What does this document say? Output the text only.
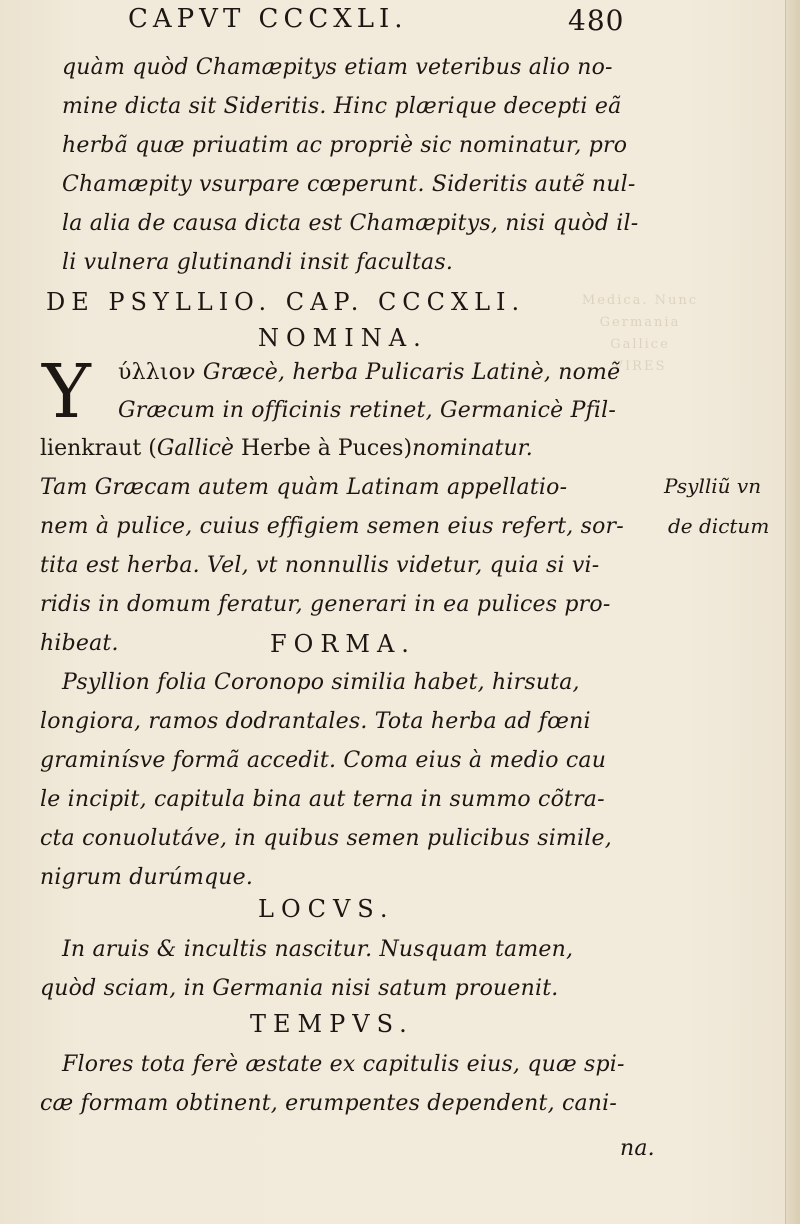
Medica. Nunc
Germania
Gallice
VIRES
CAPVT CCCXLI.	480
quàm quòd Chamæpitys etiam veteribus alio no-
mine dicta sit Sideritis. Hinc plærique decepti eã
herbã quæ priuatim ac propriè sic nominatur, pro
Chamæpity vsurpare cœperunt. Sideritis autẽ nul-
la alia de causa dicta est Chamæpitys, nisi quòd il-
li vulnera glutinandi insit facultas.
DE PSYLLIO. CAP. CCCXLI.
NOMINA.
Y ύλλιον Græcè, herba Pulicaris Latinè, nomẽ
Græcum in officinis retinet, Germanicè Pfil-
lienkraut (Gallicè Herbe à Puces)nominatur.
Tam Græcam autem quàm Latinam appellatio-
nem à pulice, cuius effigiem semen eius refert, sor-
tita est herba. Vel, vt nonnullis videtur, quia si vi-
ridis in domum feratur, generari in ea pulices pro-
hibeat.	FORMA.
Psyllion folia Coronopo similia habet, hirsuta,
longiora, ramos dodrantales. Tota herba ad fœni
graminísve formã accedit. Coma eius à medio cau
le incipit, capitula bina aut terna in summo cõtra-
cta conuolutáve, in quibus semen pulicibus simile,
nigrum durúmque.
LOCVS.
In aruis & incultis nascitur. Nusquam tamen,
quòd sciam, in Germania nisi satum prouenit.
TEMPVS.
Flores tota ferè æstate ex capitulis eius, quæ spi-
cæ formam obtinent, erumpentes dependent, cani-
na.
Psylliũ vn
de dictum
